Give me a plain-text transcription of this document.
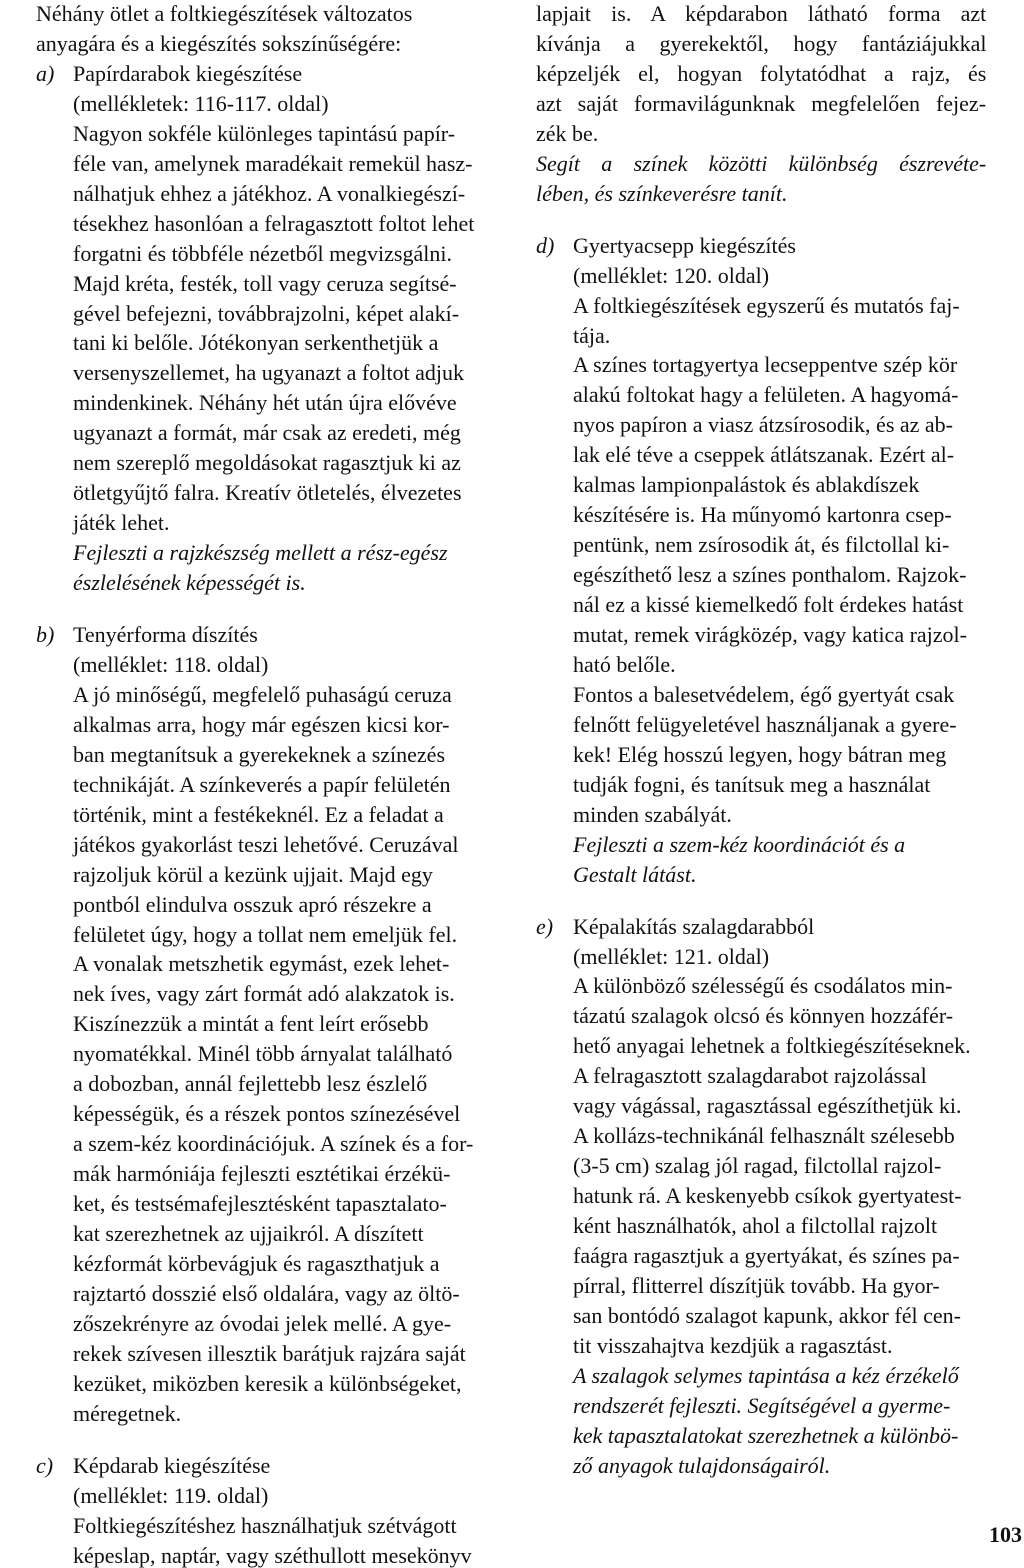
Néhány ötlet a foltkiegészítések változatos
anyagára és a kiegészítés sokszínűségére:
a) Papírdarabok kiegészítése
(mellékletek: 116-117. oldal)
Nagyon sokféle különleges tapintású papír-
féle van, amelynek maradékait remekül hasz-
nálhatjuk ehhez a játékhoz. A vonalkiegészí-
tésekhez hasonlóan a felragasztott foltot lehet
forgatni és többféle nézetből megvizsgálni.
Majd kréta, festék, toll vagy ceruza segítsé-
gével befejezni, továbbrajzolni, képet alakí-
tani ki belőle. Jótékonyan serkenthetjük a
versenyszellemet, ha ugyanazt a foltot adjuk
mindenkinek. Néhány hét után újra elővéve
ugyanazt a formát, már csak az eredeti, még
nem szereplő megoldásokat ragasztjuk ki az
ötletgyűjtő falra. Kreatív ötletelés, élvezetes
játék lehet.
Fejleszti a rajzkészség mellett a rész-egész
észlelésének képességét is.
b) Tenyérforma díszítés
(melléklet: 118. oldal)
A jó minőségű, megfelelő puhaságú ceruza
alkalmas arra, hogy már egészen kicsi kor-
ban megtanítsuk a gyerekeknek a színezés
technikáját. A színkeverés a papír felületén
történik, mint a festékeknél. Ez a feladat a
játékos gyakorlást teszi lehetővé. Ceruzával
rajzoljuk körül a kezünk ujjait. Majd egy
pontból elindulva osszuk apró részekre a
felületet úgy, hogy a tollat nem emeljük fel.
A vonalak metszhetik egymást, ezek lehet-
nek íves, vagy zárt formát adó alakzatok is.
Kiszínezzük a mintát a fent leírt erősebb
nyomatékkal. Minél több árnyalat található
a dobozban, annál fejlettebb lesz észlelő
képességük, és a részek pontos színezésével
a szem-kéz koordinációjuk. A színek és a for-
mák harmóniája fejleszti esztétikai érzékü-
ket, és testsémafejlesztésként tapasztalato-
kat szerezhetnek az ujjaikról. A díszített
kézformát körbevágjuk és ragaszthatjuk a
rajztartó dosszié első oldalára, vagy az öltö-
zőszekrényre az óvodai jelek mellé. A gye-
rekek szívesen illesztik barátjuk rajzára saját
kezüket, miközben keresik a különbségeket,
méregetnek.
c) Képdarab kiegészítése
(melléklet: 119. oldal)
Foltkiegészítéshez használhatjuk szétvágott
képeslap, naptár, vagy széthullott mesekönyv
lapjait is. A képdarabon látható forma azt
kívánja a gyerekektől, hogy fantáziájukkal
képzeljék el, hogyan folytatódhat a rajz, és
azt saját formavilágunknak megfelelően fejez-
zék be.
Segít a színek közötti különbség észrevéte-
lében, és színkeverésre tanít.
d) Gyertyacsepp kiegészítés
(melléklet: 120. oldal)
A foltkiegészítések egyszerű és mutatós faj-
tája.
A színes tortagyertya lecseppentve szép kör
alakú foltokat hagy a felületen. A hagyomá-
nyos papíron a viasz átzsírosodik, és az ab-
lak elé téve a cseppek átlátszanak. Ezért al-
kalmas lampionpalástok és ablakdíszek
készítésére is. Ha műnyomó kartonra csep-
pentünk, nem zsírosodik át, és filctollal ki-
egészíthető lesz a színes ponthalom. Rajzok-
nál ez a kissé kiemelkedő folt érdekes hatást
mutat, remek virágközép, vagy katica rajzol-
ható belőle.
Fontos a balesetvédelem, égő gyertyát csak
felnőtt felügyeletével használjanak a gyere-
kek! Elég hosszú legyen, hogy bátran meg
tudják fogni, és tanítsuk meg a használat
minden szabályát.
Fejleszti a szem-kéz koordinációt és a
Gestalt látást.
e) Képalakítás szalagdarabból
(melléklet: 121. oldal)
A különböző szélességű és csodálatos min-
tázatú szalagok olcsó és könnyen hozzáfér-
hető anyagai lehetnek a foltkiegészítéseknek.
A felragasztott szalagdarabot rajzolással
vagy vágással, ragasztással egészíthetjük ki.
A kollázs-technikánál felhasznált szélesebb
(3-5 cm) szalag jól ragad, filctollal rajzol-
hatunk rá. A keskenyebb csíkok gyertyatest-
ként használhatók, ahol a filctollal rajzolt
faágra ragasztjuk a gyertyákat, és színes pa-
pírral, flitterrel díszítjük tovább. Ha gyor-
san bontódó szalagot kapunk, akkor fél cen-
tit visszahajtva kezdjük a ragasztást.
A szalagok selymes tapintása a kéz érzékelő
rendszerét fejleszti. Segítségével a gyerme-
kek tapasztalatokat szerezhetnek a különbö-
ző anyagok tulajdonságairól.
103
